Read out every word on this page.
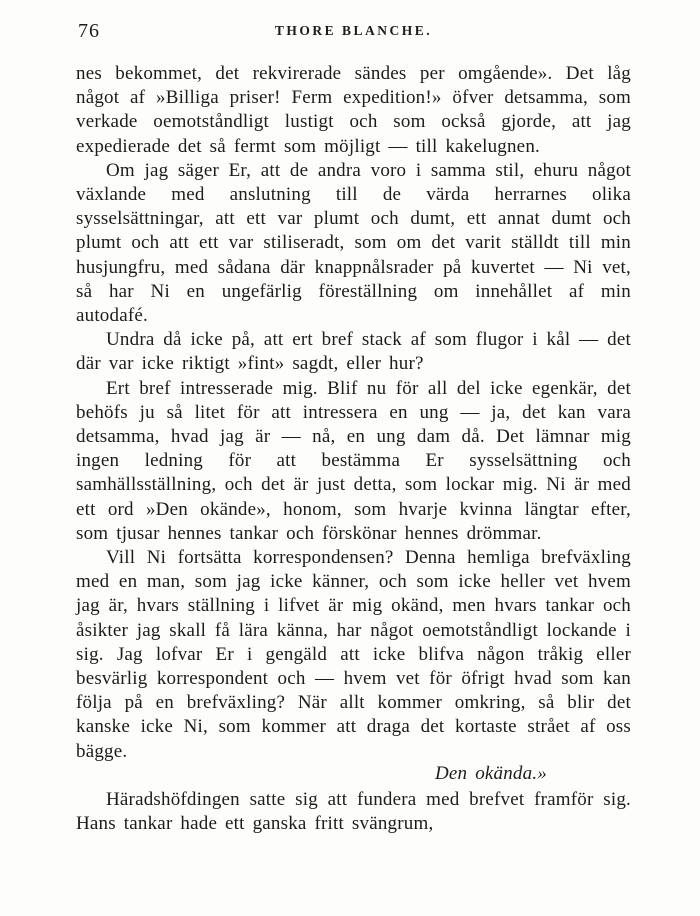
76	THORE BLANCHE.

nes bekommet, det rekvirerade sändes per omgående». Det låg något af »Billiga priser! Ferm expedition!» öfver detsamma, som verkade oemotståndligt lustigt och som också gjorde, att jag expedierade det så fermt som möjligt — till kakelugnen.

Om jag säger Er, att de andra voro i samma stil, ehuru något växlande med anslutning till de värda herrarnes olika sysselsättningar, att ett var plumt och dumt, ett annat dumt och plumt och att ett var stiliseradt, som om det varit ställdt till min husjungfru, med sådana där knappnålsrader på kuvertet — Ni vet, så har Ni en ungefärlig föreställning om innehållet af min autodafé.

Undra då icke på, att ert bref stack af som flugor i kål — det där var icke riktigt »fint» sagdt, eller hur?

Ert bref intresserade mig. Blif nu för all del icke egenkär, det behöfs ju så litet för att intressera en ung — ja, det kan vara detsamma, hvad jag är — nå, en ung dam då. Det lämnar mig ingen ledning för att bestämma Er sysselsättning och samhällsställning, och det är just detta, som lockar mig. Ni är med ett ord »Den okände», honom, som hvarje kvinna längtar efter, som tjusar hennes tankar och förskönar hennes drömmar.

Vill Ni fortsätta korrespondensen? Denna hemliga brefväxling med en man, som jag icke känner, och som icke heller vet hvem jag är, hvars ställning i lifvet är mig okänd, men hvars tankar och åsikter jag skall få lära känna, har något oemotståndligt lockande i sig. Jag lofvar Er i gengäld att icke blifva någon tråkig eller besvärlig korrespondent och — hvem vet för öfrigt hvad som kan följa på en brefväxling? När allt kommer omkring, så blir det kanske icke Ni, som kommer att draga det kortaste strået af oss bägge.

Den okända.»

Häradshöfdingen satte sig att fundera med brefvet framför sig. Hans tankar hade ett ganska fritt svängrum,
